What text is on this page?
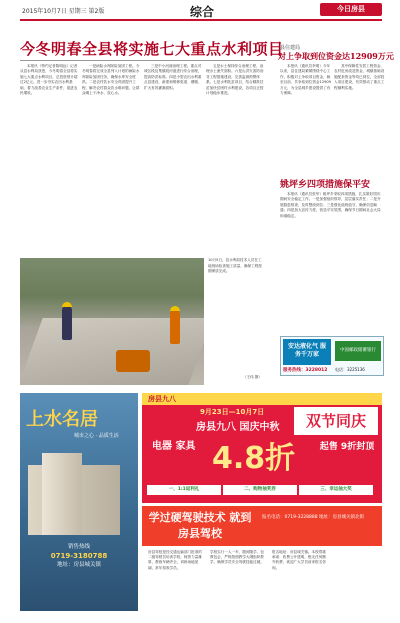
2015年10月7日 星期三 第2版	综合	今日房县
今冬明春全县将实施七大重点水利项目

本报讯（特约记者陈明远）记者从县水利局获悉，今冬明春全县将实施七大重点水利项目，总投资预计超过2亿元。进一步夯实农田水利基础，着力改善农业生产条件，促进农民增收。

一是病险水库除险加固工程。今冬明春将完成全县列入计划的病险水库除险加固任务，确保水库安全度汛。二是农村饮水安全巩固提升工程，解决农村群众饮水难问题，让群众喝上干净水、放心水。

三是中小河流治理工程。重点对城区段及集镇段河道进行综合治理，提高防洪标准。四是小型农田水利重点县建设，新建和维修渠道、塘堰，扩大有效灌溉面积。

五是水土保持综合治理工程，治理水土流失面积。六是山洪灾害防治非工程措施建设，完善监测预警体系。七是水利扶贫项目，结合精准扶贫加快贫困村水利建设，各项目正按计划稳步推进。

10月5日，县水利局技术人员在工地现场检查施工质量，确保工程按期保质完成。
（王伟 摄）
县住建局
对上争取到位资金达12909万元

本报讯（通讯员李明）今年以来，县住建局紧紧围绕中心工作，积极对上争取项目资金，截至目前，共争取到位资金12909万元，为全县城乡建设提供了有力保障。

其中保障性安居工程资金、农村危房改造资金、城镇基础设施配套资金等均已到位，全部投入项目建设，有效推动了重点工程顺利实施。

姚坪乡四项措施保平安

本报讯（通讯员张华）姚坪乡采取四项措施，扎实做好国庆期间安全稳定工作。一是加强组织领导，层层落实责任；二是开展隐患排查，及时整改到位；三是强化值班值守，确保信息畅通；四是加大宣传力度，营造平安氛围，确保节日期间社会大局和谐稳定。

安达液化气 服务千万家
中国邮政储蓄银行
服务热线：3228012 电话：3225136
上水名居
城市之心 · 品质生活
销售热线
0719-3180788
地址：房县城关镇
房县九八
9月23日—10月7日
房县九八 国庆中秋	双节同庆
电器 家具 4.8折	起售 9折封顶
一、1:1返利礼	二、购物抽奖券	三、幸运抽大奖
学过硬驾驶技术 就到房县驾校
报名电话：0719-3228888 地址：房县城关镇北街
房县驾校是经交通运输部门批准的二级驾驶员培训学校，师资力量雄厚，教练车辆齐全，训练场地宽阔，常年招收学员。
学校实行一人一车，随到随学，包教包会，严格按照教学大纲组织教学，确保学员安全驾驶技能过硬。
报名地址：房县城关镇。本校郑重承诺：收费公开透明，绝无任何额外收费，欢迎广大学员前来报名咨询。
